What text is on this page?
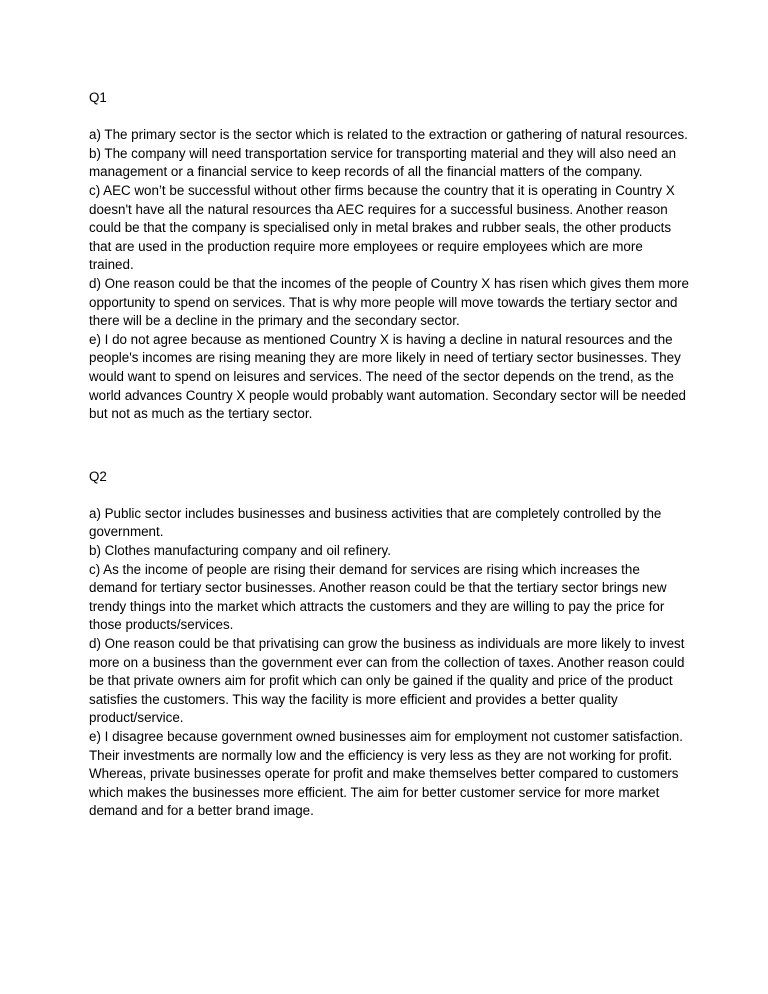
Q1

a) The primary sector is the sector which is related to the extraction or gathering of natural resources.

b) The company will need transportation service for transporting material and they will also need an management or a financial service to keep records of all the financial matters of the company.

c) AEC won’t be successful without other firms because the country that it is operating in Country X doesn't have all the natural resources tha AEC requires for a successful business. Another reason could be that the company is specialised only in metal brakes and rubber seals, the other products that are used in the production require more employees or require employees which are more trained.

d) One reason could be that the incomes of the people of Country X has risen which gives them more opportunity to spend on services. That is why more people will move towards the tertiary sector and there will be a decline in the primary and the secondary sector.

e) I do not agree because as mentioned Country X is having a decline in natural resources and the people's incomes are rising meaning they are more likely in need of tertiary sector businesses. They would want to spend on leisures and services. The need of the sector depends on the trend, as the world advances Country X people would probably want automation. Secondary sector will be needed but not as much as the tertiary sector.

Q2

a) Public sector includes businesses and business activities that are completely controlled by the government.

b) Clothes manufacturing company and oil refinery.

c) As the income of people are rising their demand for services are rising which increases the demand for tertiary sector businesses. Another reason could be that the tertiary sector brings new trendy things into the market which attracts the customers and they are willing to pay the price for those products/services.

d) One reason could be that privatising can grow the business as individuals are more likely to invest more on a business than the government ever can from the collection of taxes. Another reason could be that private owners aim for profit which can only be gained if the quality and price of the product satisfies the customers. This way the facility is more efficient and provides a better quality product/service.

e) I disagree because government owned businesses aim for employment not customer satisfaction. Their investments are normally low and the efficiency is very less as they are not working for profit. Whereas, private businesses operate for profit and make themselves better compared to customers which makes the businesses more efficient. The aim for better customer service for more market demand and for a better brand image.
